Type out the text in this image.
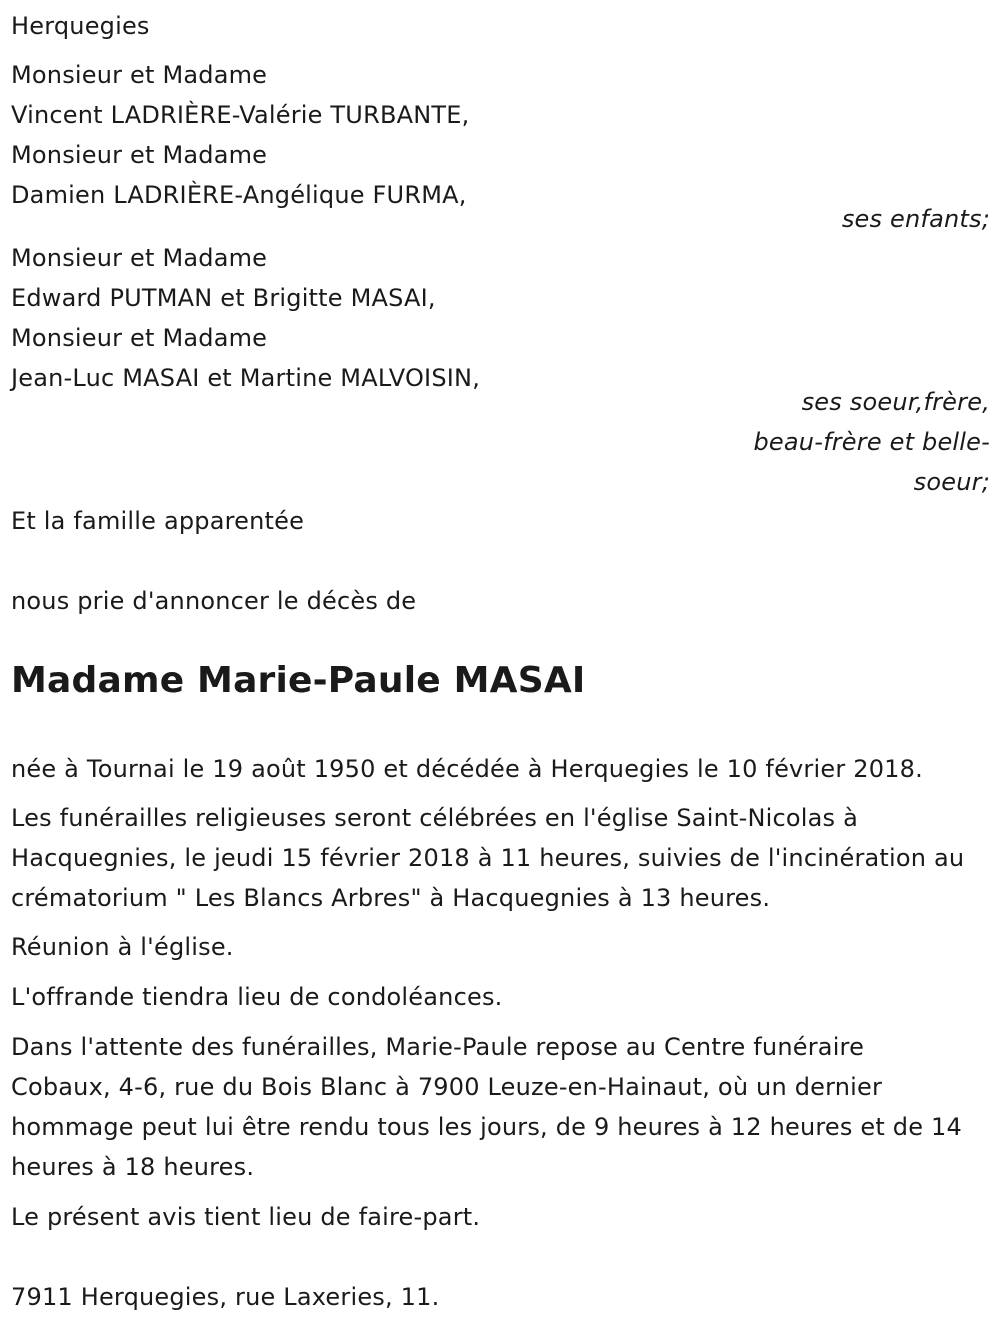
Herquegies
Monsieur et Madame
Vincent LADRIÈRE-Valérie TURBANTE,
Monsieur et Madame
Damien LADRIÈRE-Angélique FURMA,
ses enfants;
Monsieur et Madame
Edward PUTMAN et Brigitte MASAI,
Monsieur et Madame
Jean-Luc MASAI et Martine MALVOISIN,
ses soeur,frère,
beau-frère et belle-
soeur;
Et la famille apparentée
nous prie d'annoncer le décès de
Madame Marie-Paule MASAI
née à Tournai le 19 août 1950 et décédée à Herquegies le 10 février 2018.
Les funérailles religieuses seront célébrées en l'église Saint-Nicolas à Hacquegnies, le jeudi 15 février 2018 à 11 heures, suivies de l'incinération au crématorium " Les Blancs Arbres" à Hacquegnies à 13 heures.
Réunion à l'église.
L'offrande tiendra lieu de condoléances.
Dans l'attente des funérailles, Marie-Paule repose au Centre funéraire Cobaux, 4-6, rue du Bois Blanc à 7900 Leuze-en-Hainaut, où un dernier hommage peut lui être rendu tous les jours, de 9 heures à 12 heures et de 14 heures à 18 heures.
Le présent avis tient lieu de faire-part.
7911 Herquegies, rue Laxeries, 11.
